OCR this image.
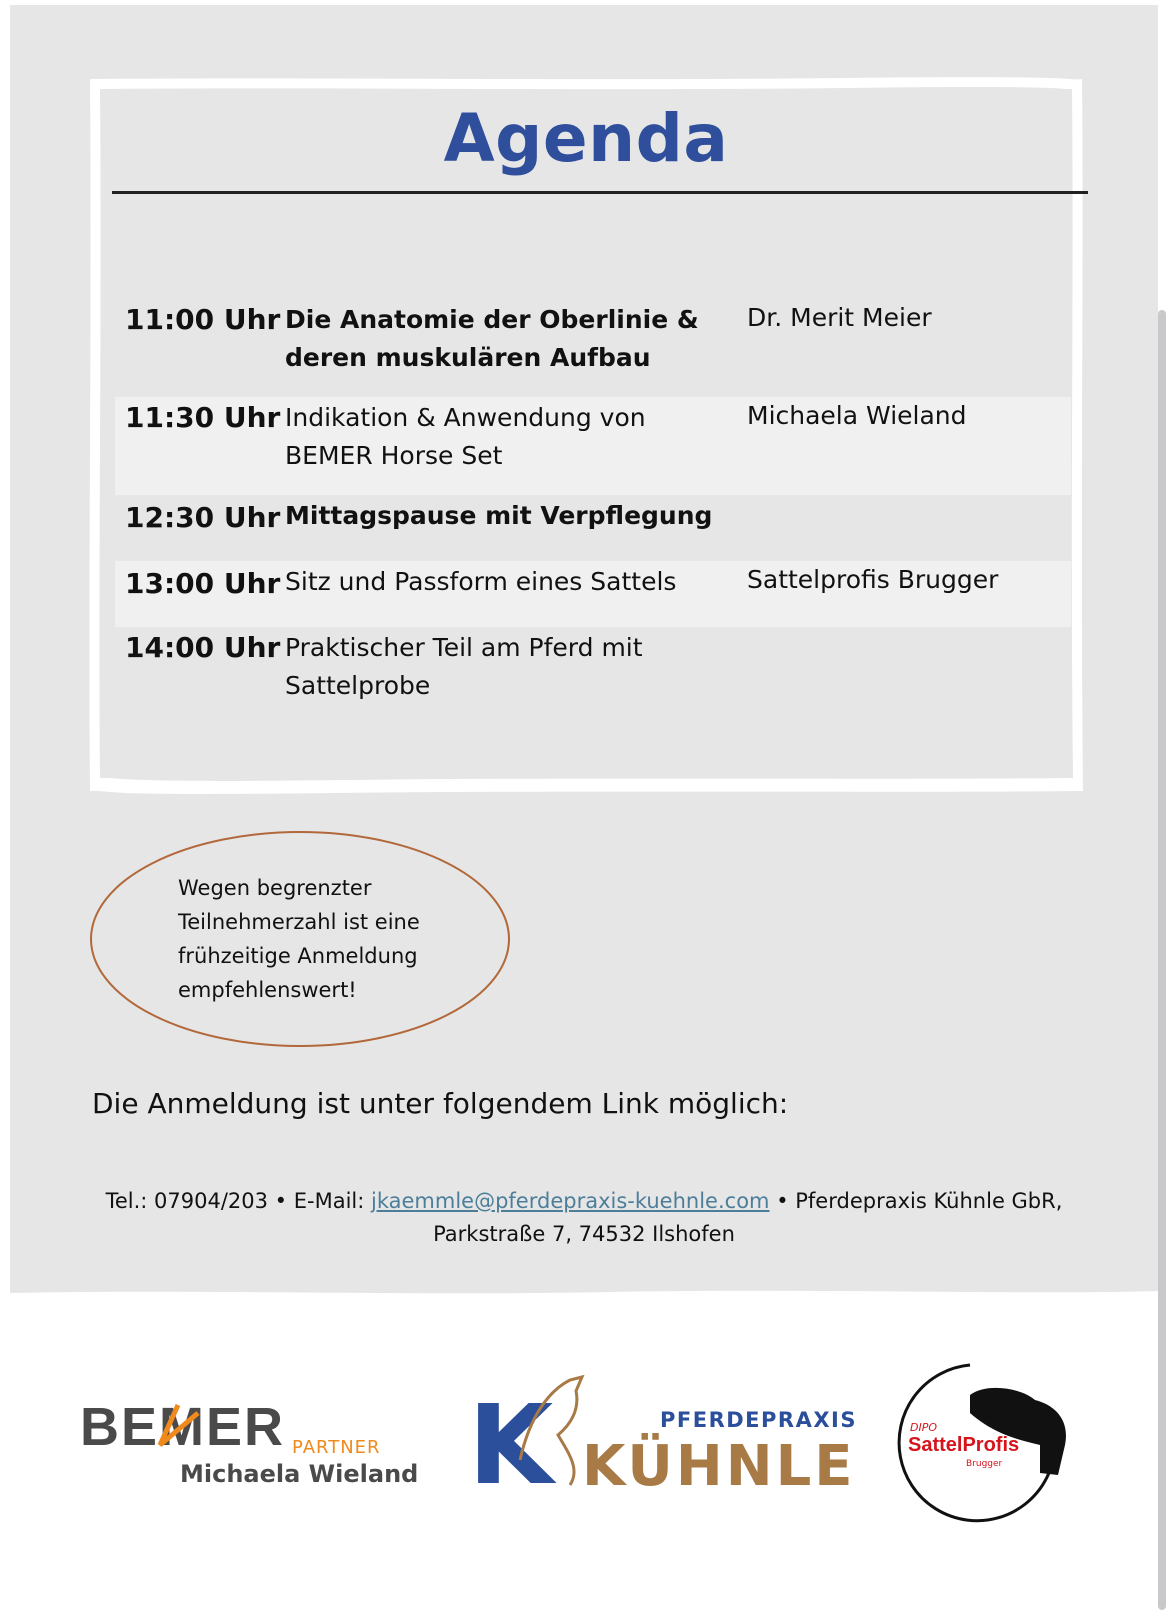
Agenda
11:00 Uhr Die Anatomie der Oberlinie & deren muskulären Aufbau
Dr. Merit Meier
11:30 Uhr Indikation & Anwendung von BEMER Horse Set
Michaela Wieland
12:30 Uhr Mittagspause mit Verpflegung
13:00 Uhr Sitz und Passform eines Sattels	Sattelprofis Brugger
14:00 Uhr Praktischer Teil am Pferd mit Sattelprobe
Wegen begrenzter
Teilnehmerzahl ist eine
frühzeitige Anmeldung
empfehlenswert!
Die Anmeldung ist unter folgendem Link möglich:
Tel.: 07904/203 • E-Mail: jkaemmle@pferdepraxis-kuehnle.com • Pferdepraxis Kühnle GbR,
Parkstraße 7, 74532 Ilshofen
BEMER PARTNER
Michaela Wieland K	PFERDEPRAXIS
KÜHNLE
DIPO
SattelProfis
Brugger
